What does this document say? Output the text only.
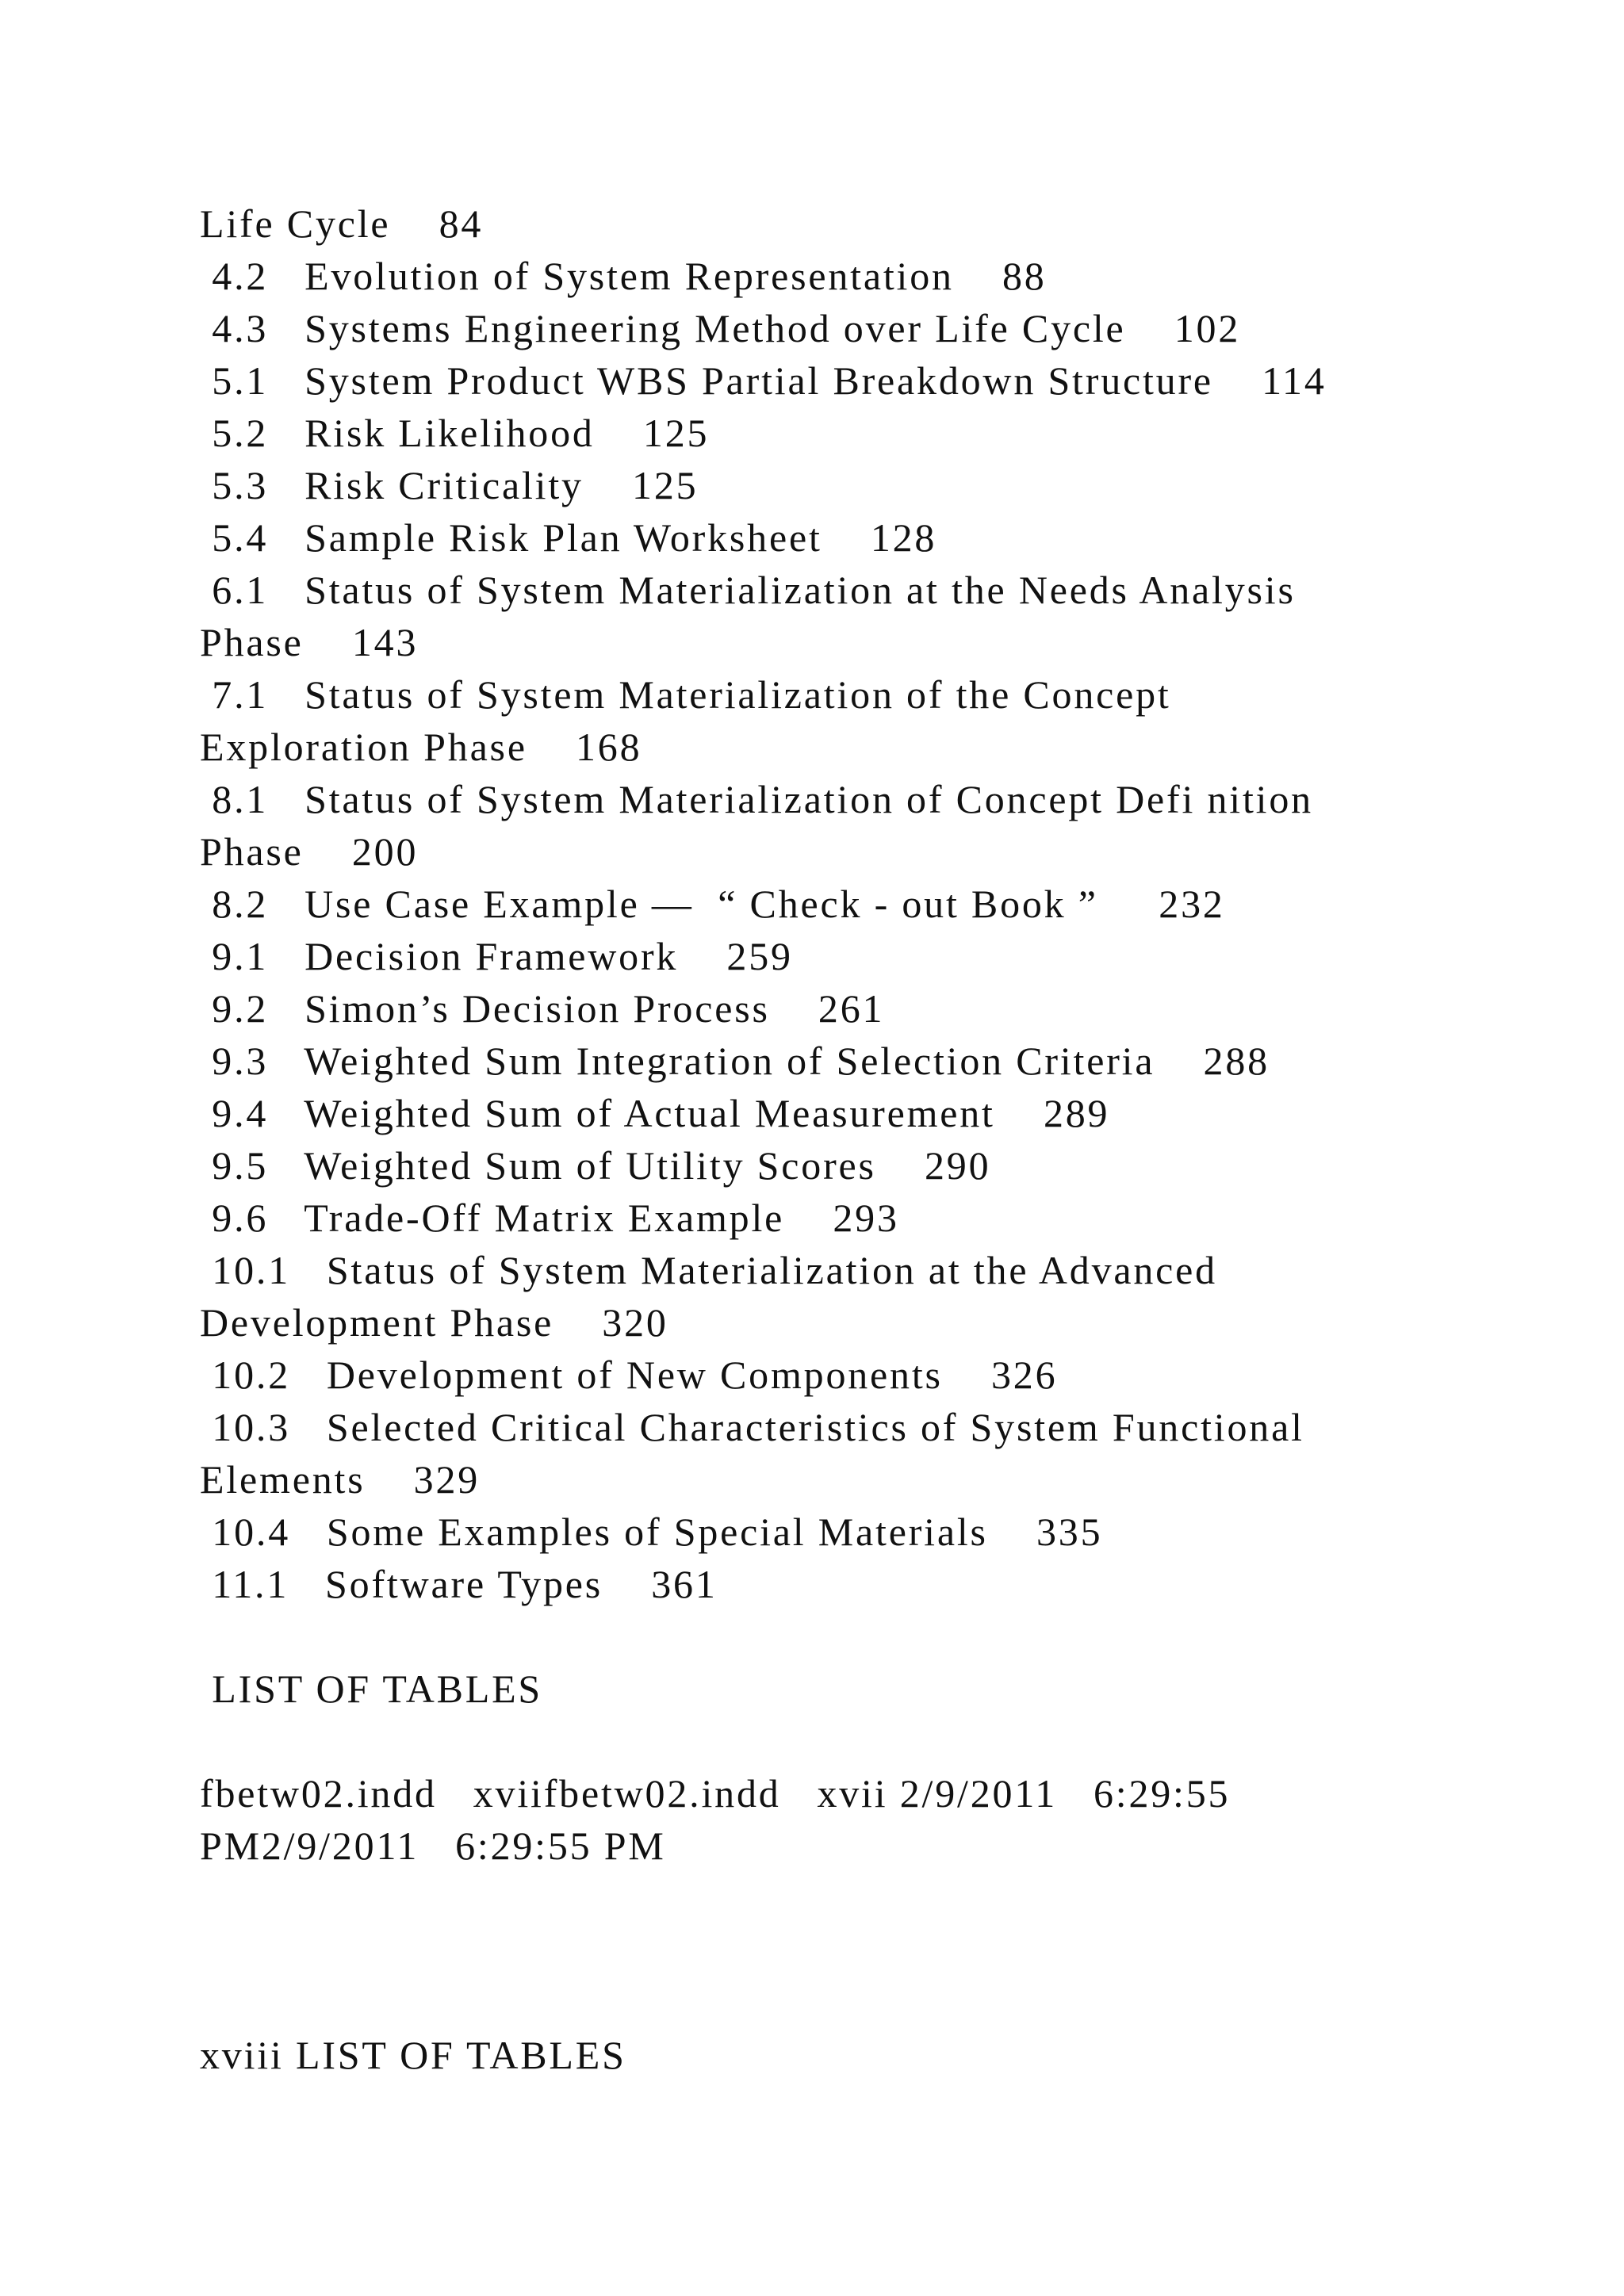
Life Cycle    84
4.2   Evolution of System Representation    88
4.3   Systems Engineering Method over Life Cycle    102
5.1   System Product WBS Partial Breakdown Structure    114
5.2   Risk Likelihood    125
5.3   Risk Criticality    125
5.4   Sample Risk Plan Worksheet    128
6.1   Status of System Materialization at the Needs Analysis
Phase    143
7.1   Status of System Materialization of the Concept
Exploration Phase    168
8.1   Status of System Materialization of Concept Defi nition
Phase    200
8.2   Use Case Example —  “ Check - out Book ”     232
9.1   Decision Framework    259
9.2   Simon’s Decision Process    261
9.3   Weighted Sum Integration of Selection Criteria    288
9.4   Weighted Sum of Actual Measurement    289
9.5   Weighted Sum of Utility Scores    290
9.6   Trade-Off Matrix Example    293
10.1   Status of System Materialization at the Advanced
Development Phase    320
10.2   Development of New Components    326
10.3   Selected Critical Characteristics of System Functional
Elements    329
10.4   Some Examples of Special Materials    335
11.1   Software Types    361
LIST OF TABLES
fbetw02.indd   xviifbetw02.indd   xvii 2/9/2011   6:29:55
PM2/9/2011   6:29:55 PM
xviii LIST OF TABLES
